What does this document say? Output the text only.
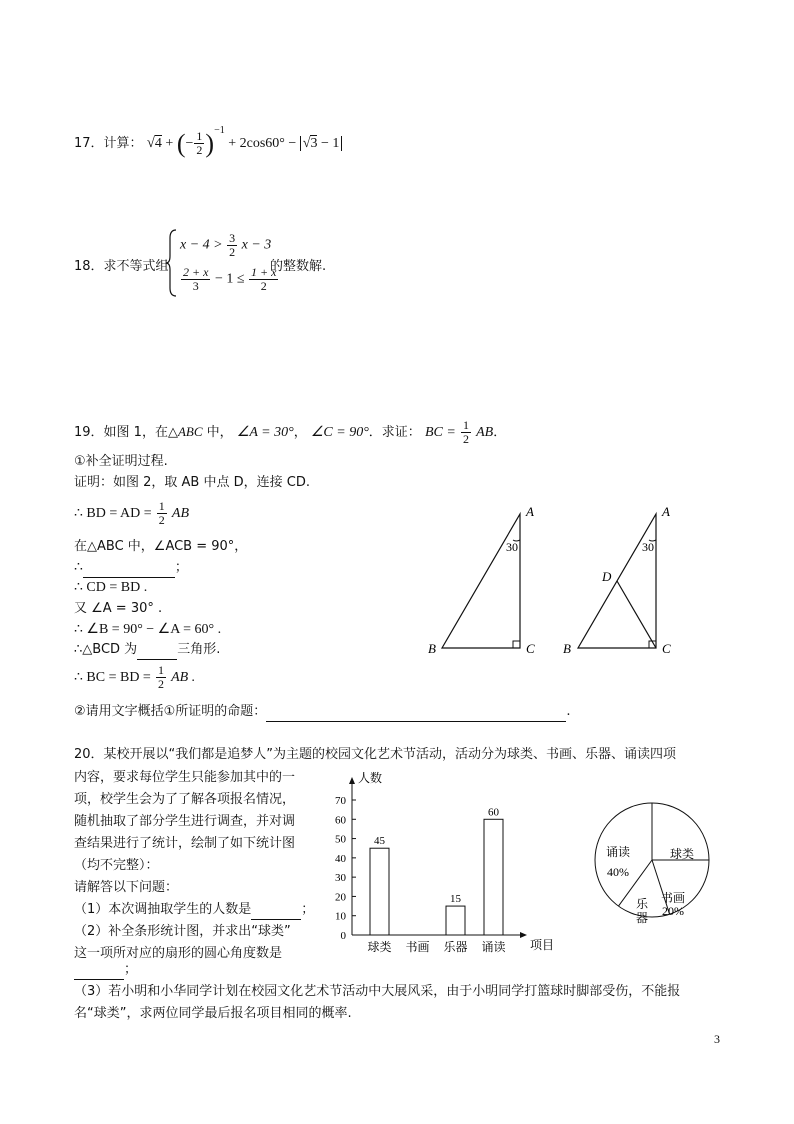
17．计算： √4 + (− $\frac{1}{2} )^{-1} + 2\cos 60^\circ - √3 - 1$
18．求不等式组
$x - 4 > \frac{3}{2}$ x − 3
$\frac{2 + x}{3} - 1 \le \frac{1 + x}{2}$
的整数解.
19．如图 1，在△ABC 中， ∠A = 30°， ∠C = 90°．求证： BC = $\frac{1}{2}$ AB．
①补全证明过程.
证明：如图 2，取 AB 中点 D，连接 CD.
∴ BD = AD = $\frac{1}{2}$ AB
在△ABC 中，∠ACB = 90°，
∴	；
∴ CD = BD .
又 ∠A = 30° .
∴ ∠B = 90° − ∠A = 60° .
∴△BCD 为	三角形.
∴ BC = BD = $\frac{1}{2}$ AB .
②请用文字概括①所证明的命题：	.
A
B	C
30
A
B	C
D
30
20．某校开展以“我们都是追梦人”为主题的校园文化艺术节活动，活动分为球类、书画、乐器、诵读四项
内容，要求每位学生只能参加其中的一
项，校学生会为了了解各项报名情况，
随机抽取了部分学生进行调查，并对调
查结果进行了统计，绘制了如下统计图
（均不完整）：
请解答以下问题：
（1）本次调抽取学生的人数是	；
（2）补全条形统计图，并求出“球类”
这一项所对应的扇形的圆心角度数是
；
（3）若小明和小华同学计划在校园文化艺术节活动中大展风采，由于小明同学打篮球时脚部受伤，不能报
名“球类”，求两位同学最后报名项目相同的概率.
人数
项目
0
10
20
30
40
50
60
70
球类
45
书画 乐器
15
诵读
60
诵读
40%
球类
书画
20%
乐
器
3
